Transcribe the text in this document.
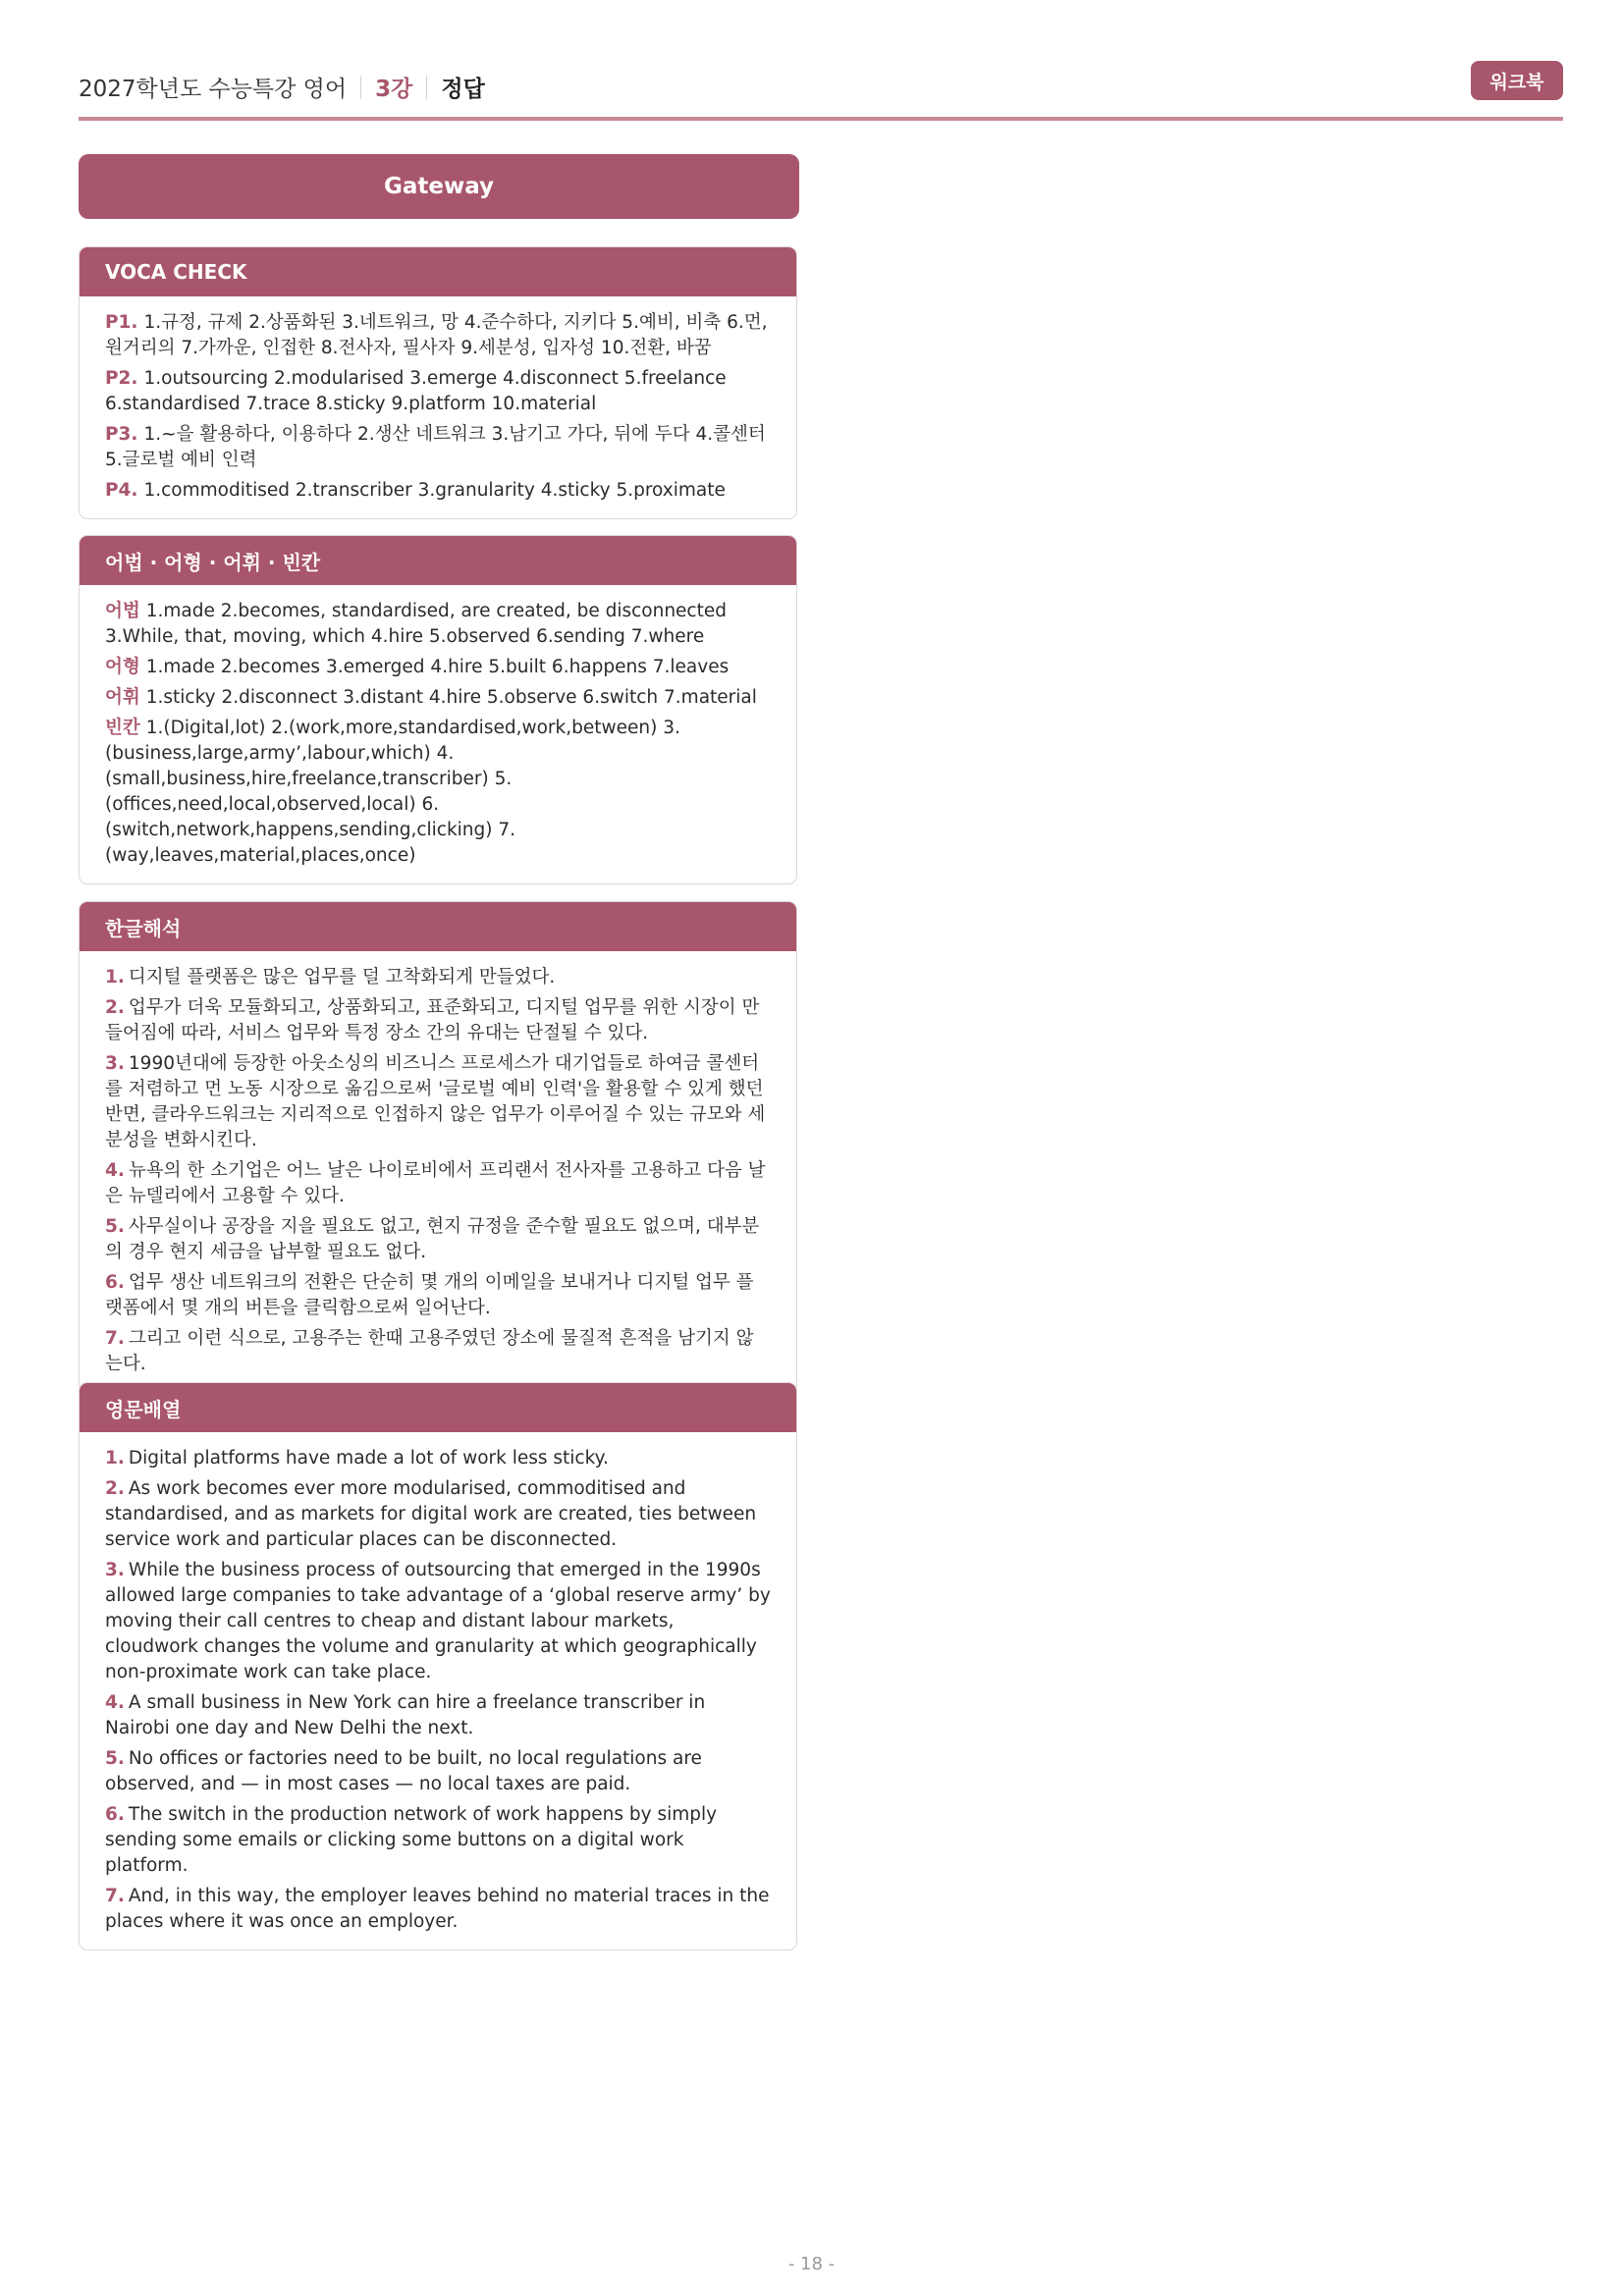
2027학년도 수능특강 영어 3강 정답	워크북
Gateway
VOCA CHECK
P1. 1.규정, 규제 2.상품화된 3.네트워크, 망 4.준수하다, 지키다 5.예비, 비축 6.먼, 원거리의 7.가까운, 인접한 8.전사자, 필사자 9.세분성, 입자성 10.전환, 바꿈
P2. 1.outsourcing 2.modularised 3.emerge 4.disconnect 5.freelance 6.standardised 7.trace 8.sticky 9.platform 10.material
P3. 1.~을 활용하다, 이용하다 2.생산 네트워크 3.남기고 가다, 뒤에 두다 4.콜센터 5.글로벌 예비 인력
P4. 1.commoditised 2.transcriber 3.granularity 4.sticky 5.proximate
어법 · 어형 · 어휘 · 빈칸
어법 1.made 2.becomes, standardised, are created, be disconnected 3.While, that, moving, which 4.hire 5.observed 6.sending 7.where
어형 1.made 2.becomes 3.emerged 4.hire 5.built 6.happens 7.leaves
어휘 1.sticky 2.disconnect 3.distant 4.hire 5.observe 6.switch 7.material
빈칸 1.(Digital,lot) 2.(work,more,standardised,work,between) 3.(business,large,army’,labour,which) 4.(small,business,hire,freelance,transcriber) 5.(offices,need,local,observed,local) 6.(switch,network,happens,sending,clicking) 7.(way,leaves,material,places,once)
한글해석
1. 디지털 플랫폼은 많은 업무를 덜 고착화되게 만들었다.
2. 업무가 더욱 모듈화되고, 상품화되고, 표준화되고, 디지털 업무를 위한 시장이 만들어짐에 따라, 서비스 업무와 특정 장소 간의 유대는 단절될 수 있다.
3. 1990년대에 등장한 아웃소싱의 비즈니스 프로세스가 대기업들로 하여금 콜센터를 저렴하고 먼 노동 시장으로 옮김으로써 '글로벌 예비 인력'을 활용할 수 있게 했던 반면, 클라우드워크는 지리적으로 인접하지 않은 업무가 이루어질 수 있는 규모와 세분성을 변화시킨다.
4. 뉴욕의 한 소기업은 어느 날은 나이로비에서 프리랜서 전사자를 고용하고 다음 날은 뉴델리에서 고용할 수 있다.
5. 사무실이나 공장을 지을 필요도 없고, 현지 규정을 준수할 필요도 없으며, 대부분의 경우 현지 세금을 납부할 필요도 없다.
6. 업무 생산 네트워크의 전환은 단순히 몇 개의 이메일을 보내거나 디지털 업무 플랫폼에서 몇 개의 버튼을 클릭함으로써 일어난다.
7. 그리고 이런 식으로, 고용주는 한때 고용주였던 장소에 물질적 흔적을 남기지 않는다.
영문배열
1. Digital platforms have made a lot of work less sticky.
2. As work becomes ever more modularised, commoditised and standardised, and as markets for digital work are created, ties between service work and particular places can be disconnected.
3. While the business process of outsourcing that emerged in the 1990s allowed large companies to take advantage of a ‘global reserve army’ by moving their call centres to cheap and distant labour markets, cloudwork changes the volume and granularity at which geographically non-proximate work can take place.
4. A small business in New York can hire a freelance transcriber in Nairobi one day and New Delhi the next.
5. No offices or factories need to be built, no local regulations are observed, and — in most cases — no local taxes are paid.
6. The switch in the production network of work happens by simply sending some emails or clicking some buttons on a digital work platform.
7. And, in this way, the employer leaves behind no material traces in the places where it was once an employer.
- 18 -
